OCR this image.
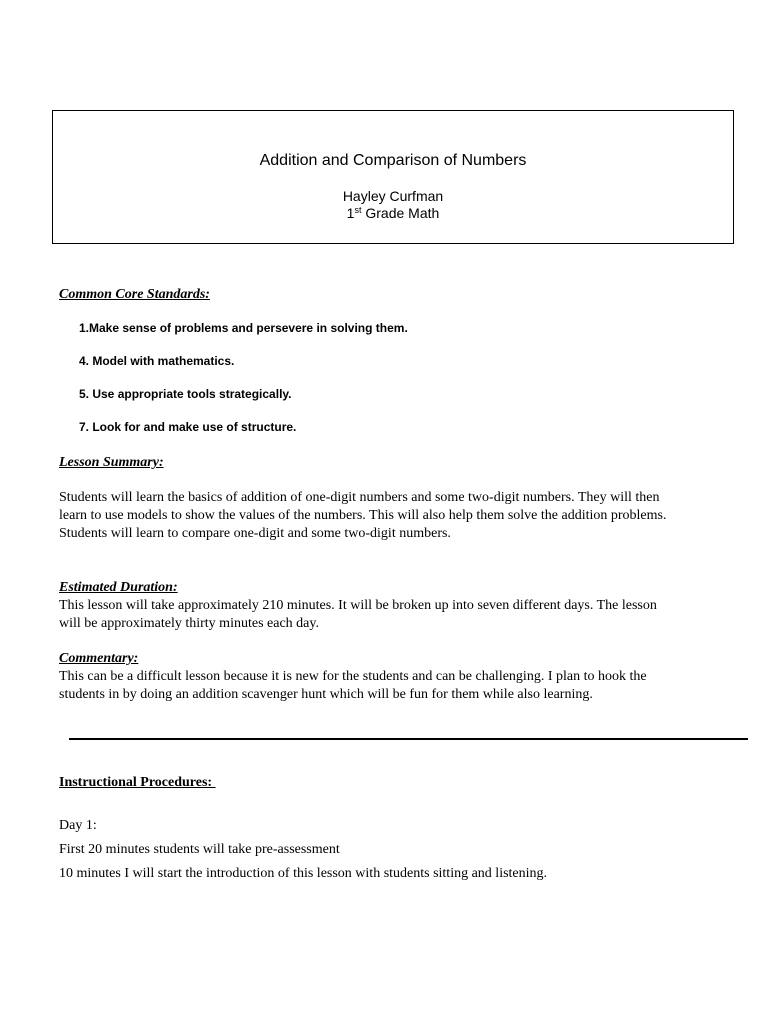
Addition and Comparison of Numbers
Hayley Curfman
1st Grade Math
Common Core Standards:
1.Make sense of problems and persevere in solving them.
4. Model with mathematics.
5. Use appropriate tools strategically.
7. Look for and make use of structure.
Lesson Summary:
Students will learn the basics of addition of one-digit numbers and some two-digit numbers. They will then
learn to use models to show the values of the numbers. This will also help them solve the addition problems.
Students will learn to compare one-digit and some two-digit numbers.
Estimated Duration:
This lesson will take approximately 210 minutes. It will be broken up into seven different days. The lesson
will be approximately thirty minutes each day.
Commentary:
This can be a difficult lesson because it is new for the students and can be challenging. I plan to hook the
students in by doing an addition scavenger hunt which will be fun for them while also learning.
Instructional Procedures:
Day 1:
First 20 minutes students will take pre-assessment
10 minutes I will start the introduction of this lesson with students sitting and listening.
